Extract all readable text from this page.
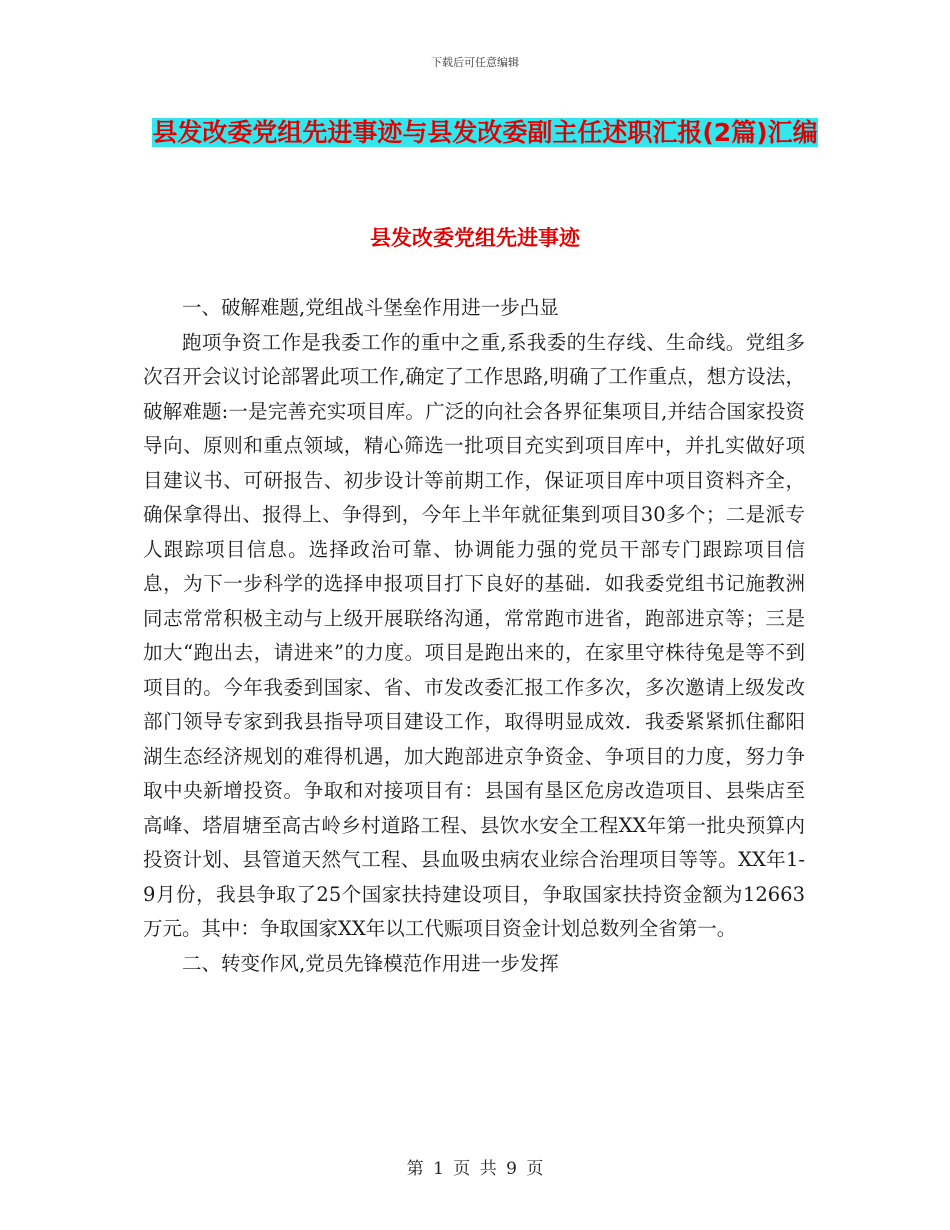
下载后可任意编辑
县发改委党组先进事迹与县发改委副主任述职汇报(2篇)汇编
县发改委党组先进事迹

一、破解难题,党组战斗堡垒作用进一步凸显

跑项争资工作是我委工作的重中之重,系我委的生存线、生命线。党组多次召开会议讨论部署此项工作,确定了工作思路,明确了工作重点，想方设法，破解难题:一是完善充实项目库。广泛的向社会各界征集项目,并结合国家投资导向、原则和重点领域，精心筛选一批项目充实到项目库中，并扎实做好项目建议书、可研报告、初步设计等前期工作，保证项目库中项目资料齐全，确保拿得出、报得上、争得到，今年上半年就征集到项目30多个；二是派专人跟踪项目信息。选择政治可靠、协调能力强的党员干部专门跟踪项目信息，为下一步科学的选择申报项目打下良好的基础．如我委党组书记施教洲同志常常积极主动与上级开展联络沟通，常常跑市进省，跑部进京等；三是加大“跑出去，请进来”的力度。项目是跑出来的，在家里守株待兔是等不到项目的。今年我委到国家、省、市发改委汇报工作多次，多次邀请上级发改部门领导专家到我县指导项目建设工作，取得明显成效．我委紧紧抓住鄱阳湖生态经济规划的难得机遇，加大跑部进京争资金、争项目的力度，努力争取中央新增投资。争取和对接项目有：县国有垦区危房改造项目、县柴店至高峰、塔眉塘至高古岭乡村道路工程、县饮水安全工程XX年第一批央预算内投资计划、县管道天然气工程、县血吸虫病农业综合治理项目等等。XX年1-9月份，我县争取了25个国家扶持建设项目，争取国家扶持资金额为12663万元。其中：争取国家XX年以工代赈项目资金计划总数列全省第一。

二、转变作风,党员先锋模范作用进一步发挥

第 1 页 共 9 页
